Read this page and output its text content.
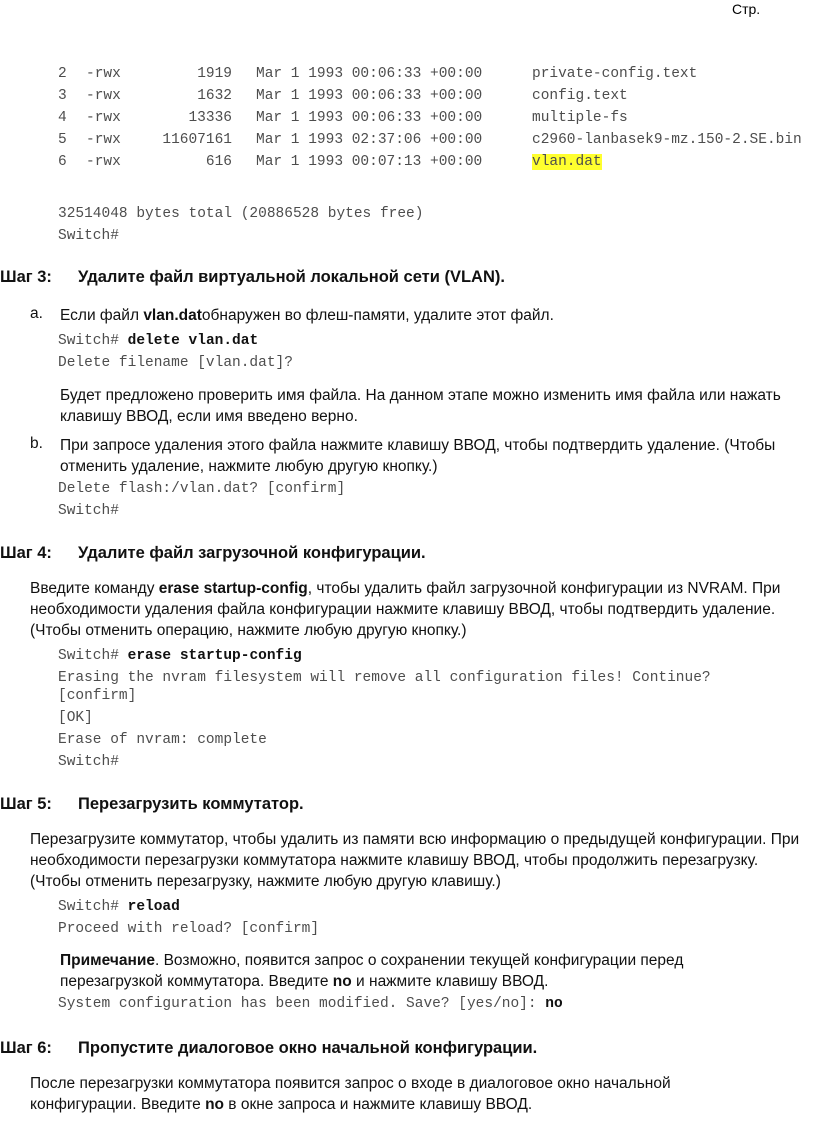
Стр.
2	-rwx	1919	Mar 1 1993 00:06:33 +00:00	private-config.text
3	-rwx	1632	Mar 1 1993 00:06:33 +00:00	config.text
4	-rwx	13336	Mar 1 1993 00:06:33 +00:00	multiple-fs
5	-rwx	11607161	Mar 1 1993 02:37:06 +00:00	c2960-lanbasek9-mz.150-2.SE.bin
6	-rwx	616	Mar 1 1993 00:07:13 +00:00	vlan.dat
32514048 bytes total (20886528 bytes free)
Switch#
Шаг 3: Удалите файл виртуальной локальной сети (VLAN).
a. Если файл vlan.datобнаружен во флеш-памяти, удалите этот файл.
Switch# delete vlan.dat
Delete filename [vlan.dat]?
Будет предложено проверить имя файла. На данном этапе можно изменить имя файла или нажать клавишу ВВОД, если имя введено верно.
b. При запросе удаления этого файла нажмите клавишу ВВОД, чтобы подтвердить удаление. (Чтобы отменить удаление, нажмите любую другую кнопку.)
Delete flash:/vlan.dat? [confirm]
Switch#
Шаг 4: Удалите файл загрузочной конфигурации.
Введите команду erase startup-config, чтобы удалить файл загрузочной конфигурации из NVRAM. При необходимости удаления файла конфигурации нажмите клавишу ВВОД, чтобы подтвердить удаление. (Чтобы отменить операцию, нажмите любую другую кнопку.)
Switch# erase startup-config
Erasing the nvram filesystem will remove all configuration files! Continue?
[confirm]
[OK]
Erase of nvram: complete
Switch#
Шаг 5: Перезагрузить коммутатор.
Перезагрузите коммутатор, чтобы удалить из памяти всю информацию о предыдущей конфигурации. При необходимости перезагрузки коммутатора нажмите клавишу ВВОД, чтобы продолжить перезагрузку. (Чтобы отменить перезагрузку, нажмите любую другую клавишу.)
Switch# reload
Proceed with reload? [confirm]
Примечание. Возможно, появится запрос о сохранении текущей конфигурации перед перезагрузкой коммутатора. Введите no и нажмите клавишу ВВОД.
System configuration has been modified. Save? [yes/no]: no
Шаг 6: Пропустите диалоговое окно начальной конфигурации.
После перезагрузки коммутатора появится запрос о входе в диалоговое окно начальной конфигурации. Введите no в окне запроса и нажмите клавишу ВВОД.
